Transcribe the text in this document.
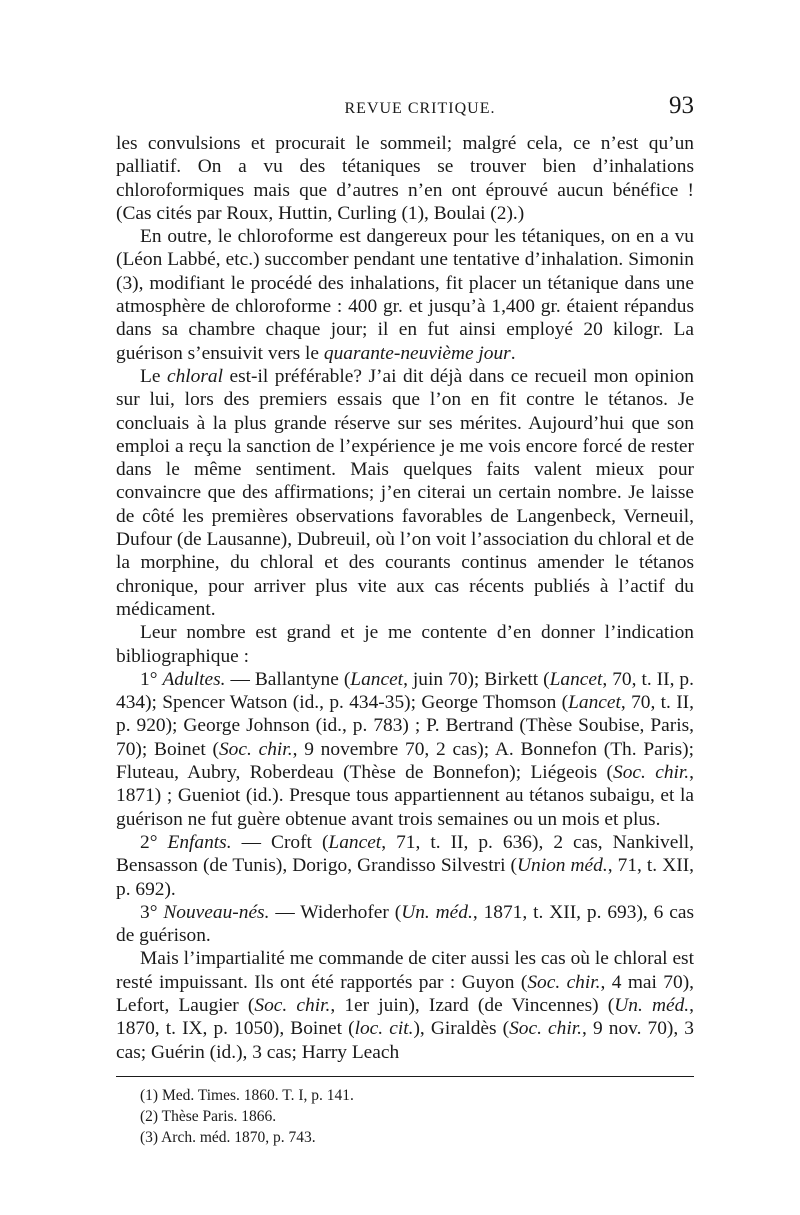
REVUE CRITIQUE.	93

les convulsions et procurait le sommeil; malgré cela, ce n’est qu’un palliatif. On a vu des tétaniques se trouver bien d’inhalations chloroformiques mais que d’autres n’en ont éprouvé aucun bénéfice ! (Cas cités par Roux, Huttin, Curling (1), Boulai (2).)

En outre, le chloroforme est dangereux pour les tétaniques, on en a vu (Léon Labbé, etc.) succomber pendant une tentative d’inhalation. Simonin (3), modifiant le procédé des inhalations, fit placer un tétanique dans une atmosphère de chloroforme : 400 gr. et jusqu’à 1,400 gr. étaient répandus dans sa chambre chaque jour; il en fut ainsi employé 20 kilogr. La guérison s’ensuivit vers le quarante-neuvième jour.

Le chloral est-il préférable? J’ai dit déjà dans ce recueil mon opinion sur lui, lors des premiers essais que l’on en fit contre le tétanos. Je concluais à la plus grande réserve sur ses mérites. Aujourd’hui que son emploi a reçu la sanction de l’expérience je me vois encore forcé de rester dans le même sentiment. Mais quelques faits valent mieux pour convaincre que des affirmations; j’en citerai un certain nombre. Je laisse de côté les premières observations favorables de Langenbeck, Verneuil, Dufour (de Lausanne), Dubreuil, où l’on voit l’association du chloral et de la morphine, du chloral et des courants continus amender le tétanos chronique, pour arriver plus vite aux cas récents publiés à l’actif du médicament.

Leur nombre est grand et je me contente d’en donner l’indication bibliographique :

1° Adultes. — Ballantyne (Lancet, juin 70); Birkett (Lancet, 70, t. II, p. 434); Spencer Watson (id., p. 434-35); George Thomson (Lancet, 70, t. II, p. 920); George Johnson (id., p. 783) ; P. Bertrand (Thèse Soubise, Paris, 70); Boinet (Soc. chir., 9 novembre 70, 2 cas); A. Bonnefon (Th. Paris); Fluteau, Aubry, Roberdeau (Thèse de Bonnefon); Liégeois (Soc. chir., 1871) ; Gueniot (id.). Presque tous appartiennent au tétanos subaigu, et la guérison ne fut guère obtenue avant trois semaines ou un mois et plus.

2° Enfants. — Croft (Lancet, 71, t. II, p. 636), 2 cas, Nankivell, Bensasson (de Tunis), Dorigo, Grandisso Silvestri (Union méd., 71, t. XII, p. 692).

3° Nouveau-nés. — Widerhofer (Un. méd., 1871, t. XII, p. 693), 6 cas de guérison.

Mais l’impartialité me commande de citer aussi les cas où le chloral est resté impuissant. Ils ont été rapportés par : Guyon (Soc. chir., 4 mai 70), Lefort, Laugier (Soc. chir., 1er juin), Izard (de Vincennes) (Un. méd., 1870, t. IX, p. 1050), Boinet (loc. cit.), Giraldès (Soc. chir., 9 nov. 70), 3 cas; Guérin (id.), 3 cas; Harry Leach

(1) Med. Times. 1860. T. I, p. 141.
(2) Thèse Paris. 1866.
(3) Arch. méd. 1870, p. 743.
